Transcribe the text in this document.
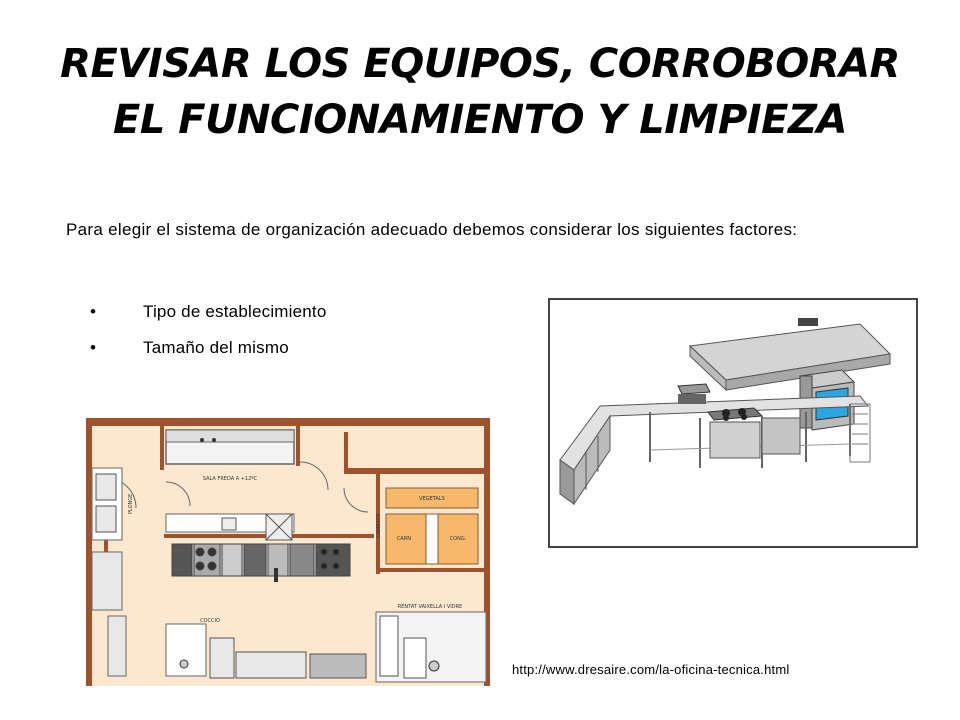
REVISAR LOS EQUIPOS, CORROBORAR
EL FUNCIONAMIENTO Y LIMPIEZA
Para elegir el sistema de organización adecuado debemos considerar los siguientes factores:
•	Tipo de establecimiento
•	Tamaño del mismo
SALA FREDA A +12ºC
VEGETALS
CARN	CONG.
CAMBRES
PLONGE
RENTAT VAIXELLA I VIDRE
COCCIÓ
http://www.dresaire.com/la-oficina-tecnica.html
